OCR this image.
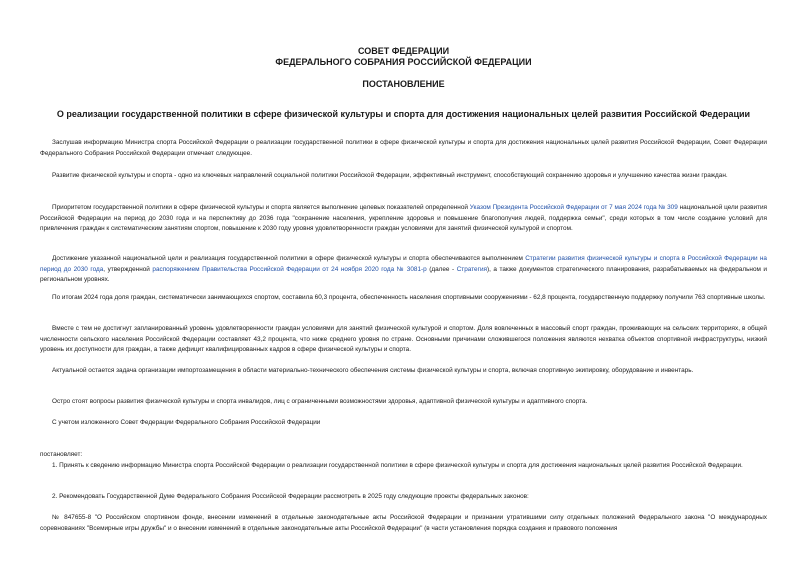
СОВЕТ ФЕДЕРАЦИИ
ФЕДЕРАЛЬНОГО СОБРАНИЯ РОССИЙСКОЙ ФЕДЕРАЦИИ
ПОСТАНОВЛЕНИЕ
О реализации государственной политики в сфере физической культуры и спорта для достижения национальных целей развития Российской Федерации

Заслушав информацию Министра спорта Российской Федерации о реализации государственной политики в сфере физической культуры и спорта для достижения национальных целей развития Российской Федерации, Совет Федерации Федерального Собрания Российской Федерации отмечает следующее.

Развитие физической культуры и спорта - одно из ключевых направлений социальной политики Российской Федерации, эффективный инструмент, способствующий сохранению здоровья и улучшению качества жизни граждан.

Приоритетом государственной политики в сфере физической культуры и спорта является выполнение целевых показателей определенной Указом Президента Российской Федерации от 7 мая 2024 года № 309 национальной цели развития Российской Федерации на период до 2030 года и на перспективу до 2036 года "сохранение населения, укрепление здоровья и повышение благополучия людей, поддержка семьи", среди которых в том числе создание условий для привлечения граждан к систематическим занятиям спортом, повышение к 2030 году уровня удовлетворенности граждан условиями для занятий физической культурой и спортом.

Достижение указанной национальной цели и реализация государственной политики в сфере физической культуры и спорта обеспечиваются выполнением Стратегии развития физической культуры и спорта в Российской Федерации на период до 2030 года, утвержденной распоряжением Правительства Российской Федерации от 24 ноября 2020 года № 3081-р (далее - Стратегия), а также документов стратегического планирования, разрабатываемых на федеральном и региональном уровнях.

По итогам 2024 года доля граждан, систематически занимающихся спортом, составила 60,3 процента, обеспеченность населения спортивными сооружениями - 62,8 процента, государственную поддержку получили 763 спортивные школы.

Вместе с тем не достигнут запланированный уровень удовлетворенности граждан условиями для занятий физической культурой и спортом. Доля вовлеченных в массовый спорт граждан, проживающих на сельских территориях, в общей численности сельского населения Российской Федерации составляет 43,2 процента, что ниже среднего уровня по стране. Основными причинами сложившегося положения являются нехватка объектов спортивной инфраструктуры, низкий уровень их доступности для граждан, а также дефицит квалифицированных кадров в сфере физической культуры и спорта.

Актуальной остается задача организации импортозамещения в области материально-технического обеспечения системы физической культуры и спорта, включая спортивную экипировку, оборудование и инвентарь.

Остро стоят вопросы развития физической культуры и спорта инвалидов, лиц с ограниченными возможностями здоровья, адаптивной физической культуры и адаптивного спорта.

С учетом изложенного Совет Федерации Федерального Собрания Российской Федерации

постановляет:

1. Принять к сведению информацию Министра спорта Российской Федерации о реализации государственной политики в сфере физической культуры и спорта для достижения национальных целей развития Российской Федерации.

2. Рекомендовать Государственной Думе Федерального Собрания Российской Федерации рассмотреть в 2025 году следующие проекты федеральных законов:

№ 847655-8 "О Российском спортивном фонде, внесении изменений в отдельные законодательные акты Российской Федерации и признании утратившими силу отдельных положений Федерального закона "О международных соревнованиях "Всемирные игры дружбы" и о внесении изменений в отдельные законодательные акты Российской Федерации" (в части установления порядка создания и правового положения
